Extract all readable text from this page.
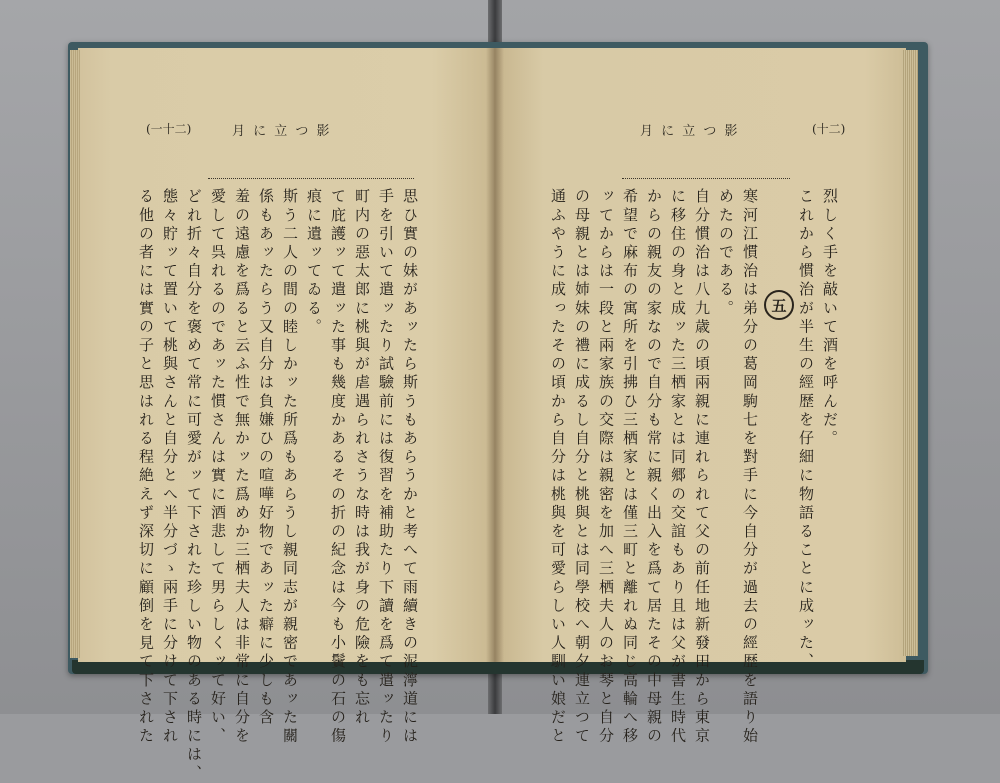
(一十二)	月 に 立 つ 影
思ひ實の妹があッたら斯うもあらうかと考へて雨續きの泥濘道には
手を引いて遣ッたり試驗前には復習を補助たり下讀を爲て遣ッたり
町内の惡太郎に桃與が虐遇られさうな時は我が身の危險をも忘れ
て庇護ッて遣ッた事も幾度かあるその折の紀念は今も小鬢の石の傷
痕に遺ッてゐる。
斯う二人の間の睦しかッた所爲もあらうし親同志が親密であッた關
係もあッたらう又自分は負嫌ひの喧嘩好物であッた癖に少しも含
羞の遠慮を爲ると云ふ性で無かッた爲めか三栖夫人は非常に自分を
愛して呉れるのであッた慣さんは實に酒悲して男らしくッて好い、
どれ折々自分を褒めて常に可愛がッて下された珍しい物のある時には、
態々貯ッて置いて桃與さんと自分とへ半分づゝ兩手に分けて下され
る他の者には實の子と思はれる程絶えず深切に顧倒を見て下された
月 に 立 つ 影	(十二)
烈しく手を敲いて酒を呼んだ。
これから慣治が半生の經歴を仔細に物語ることに成ッた、
五
寒河江慣治は弟分の葛岡駒七を對手に今自分が過去の經歴を語り始
めたのである。
自分慣治は八九歳の頃兩親に連れられて父の前任地新發田から東京
に移住の身と成ッた三栖家とは同郷の交誼もあり且は父が書生時代
からの親友の家なので自分も常に親く出入を爲て居たその中母親の
希望で麻布の寓所を引拂ひ三栖家とは僅三町と離れぬ同じ高輪へ移
ッてからは一段と兩家族の交際は親密を加へ三栖夫人のお琴と自分
の母親とは姉妹の禮に成るし自分と桃與とは同學校へ朝夕連立つて
通ふやうに成ったその頃から自分は桃與を可愛らしい人馴い娘だと
